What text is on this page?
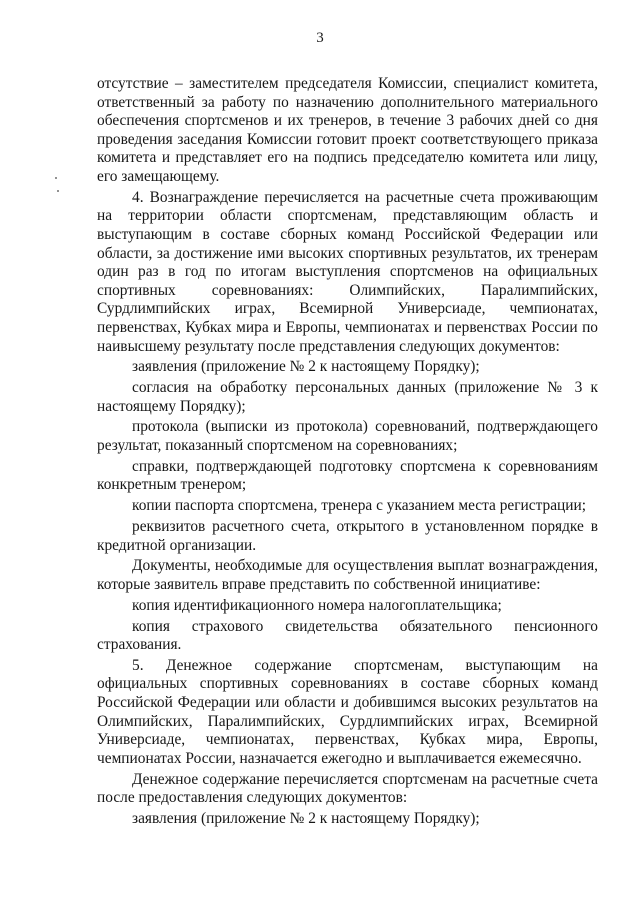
3

отсутствие – заместителем председателя Комиссии, специалист комитета, ответственный за работу по назначению дополнительного материального обеспечения спортсменов и их тренеров, в течение 3 рабочих дней со дня проведения заседания Комиссии готовит проект соответствующего приказа комитета и представляет его на подпись председателю комитета или лицу, его замещающему.

4. Вознаграждение перечисляется на расчетные счета проживающим на территории области спортсменам, представляющим область и выступающим в составе сборных команд Российской Федерации или области, за достижение ими высоких спортивных результатов, их тренерам один раз в год по итогам выступления спортсменов на официальных спортивных соревнованиях: Олимпийских, Паралимпийских, Сурдлимпийских играх, Всемирной Универсиаде, чемпионатах, первенствах, Кубках мира и Европы, чемпионатах и первенствах России по наивысшему результату после представления следующих документов:

заявления (приложение № 2 к настоящему Порядку);

согласия на обработку персональных данных (приложение № 3 к настоящему Порядку);

протокола (выписки из протокола) соревнований, подтверждающего результат, показанный спортсменом на соревнованиях;

справки, подтверждающей подготовку спортсмена к соревнованиям конкретным тренером;

копии паспорта спортсмена, тренера с указанием места регистрации;

реквизитов расчетного счета, открытого в установленном порядке в кредитной организации.

Документы, необходимые для осуществления выплат вознаграждения, которые заявитель вправе представить по собственной инициативе:

копия идентификационного номера налогоплательщика;

копия страхового свидетельства обязательного пенсионного страхования.

5. Денежное содержание спортсменам, выступающим на официальных спортивных соревнованиях в составе сборных команд Российской Федерации или области и добившимся высоких результатов на Олимпийских, Паралимпийских, Сурдлимпийских играх, Всемирной Универсиаде, чемпионатах, первенствах, Кубках мира, Европы, чемпионатах России, назначается ежегодно и выплачивается ежемесячно.

Денежное содержание перечисляется спортсменам на расчетные счета после предоставления следующих документов:

заявления (приложение № 2 к настоящему Порядку);
